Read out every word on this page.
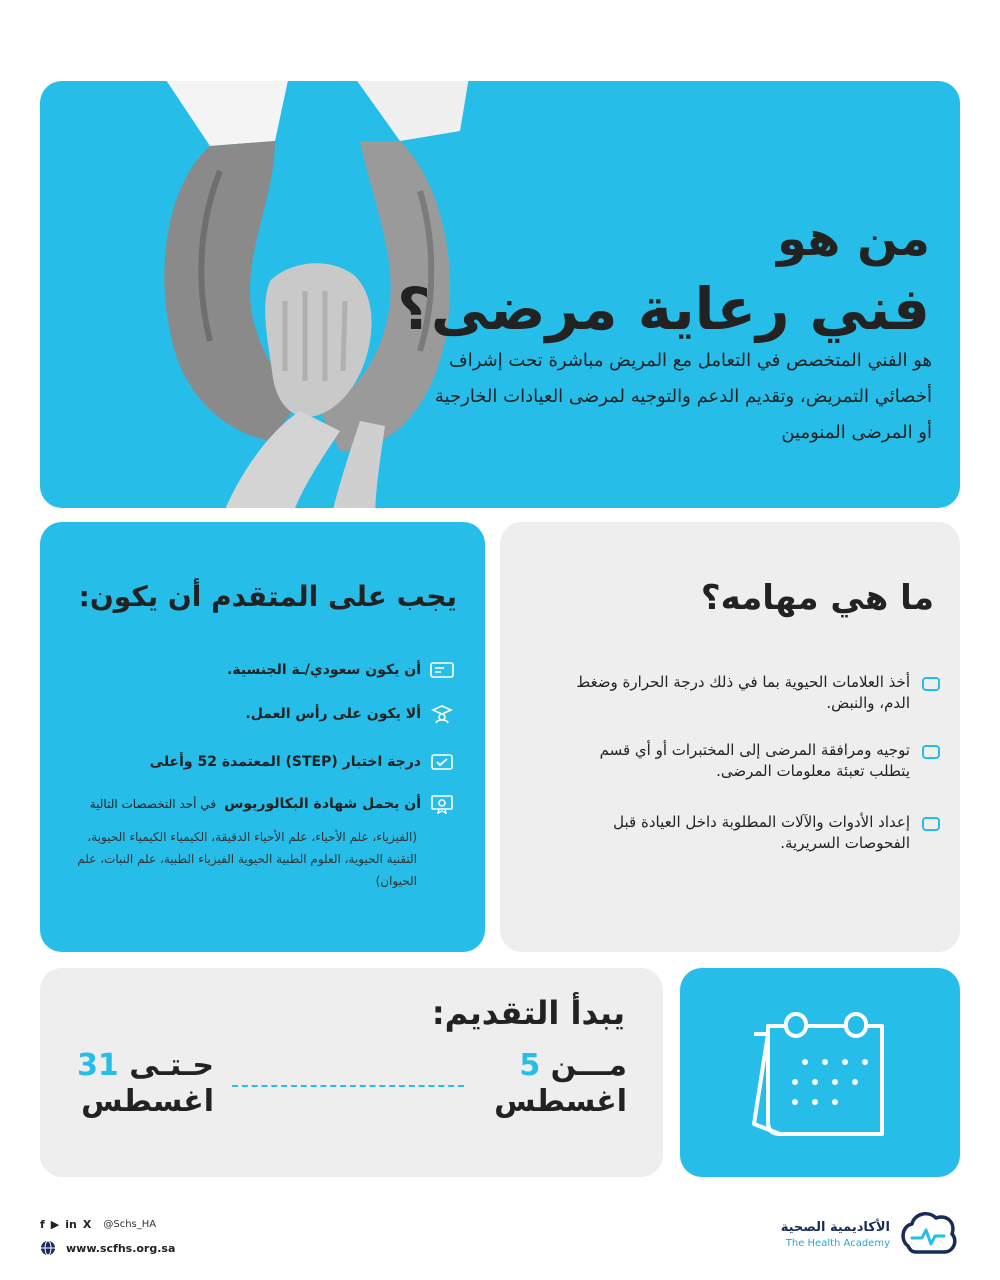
من هو
فني رعاية مرضى؟

هو الفني المتخصص في التعامل مع المريض مباشرة تحت إشراف أخصائي التمريض، وتقديم الدعم والتوجيه لمرضى العيادات الخارجية أو المرضى المنومين

يجب على المتقدم أن يكون:
أن يكون سعودي/ـة الجنسية.
ألا يكون على رأس العمل.
درجة اختبار (STEP) المعتمدة 52 وأعلى
أن يحمل شهادة البكالوريوس
في أحد التخصصات التالية

(الفيزياء، علم الأحياء، علم الأحياء الدقيقة، الكيمياء الكيمياء الحيوية، التقنية الحيوية، العلوم الطبية الحيوية الفيزياء الطبية، علم النبات، علم الحيوان)

ما هي مهامه؟
أخذ العلامات الحيوية بما في ذلك درجة الحرارة وضغط الدم، والنبض.
توجيه ومرافقة المرضى إلى المختبرات أو أي قسم يتطلب تعبئة معلومات المرضى.
إعداد الأدوات والآلات المطلوبة داخل العيادة قبل الفحوصات السريرية.
يبدأ التقديم:
مـــن 5
اغسطس
حـتـى 31
اغسطس
f ▶ in X @Schs_HA
www.scfhs.org.sa
الأكاديمية الصحية
The Health Academy
